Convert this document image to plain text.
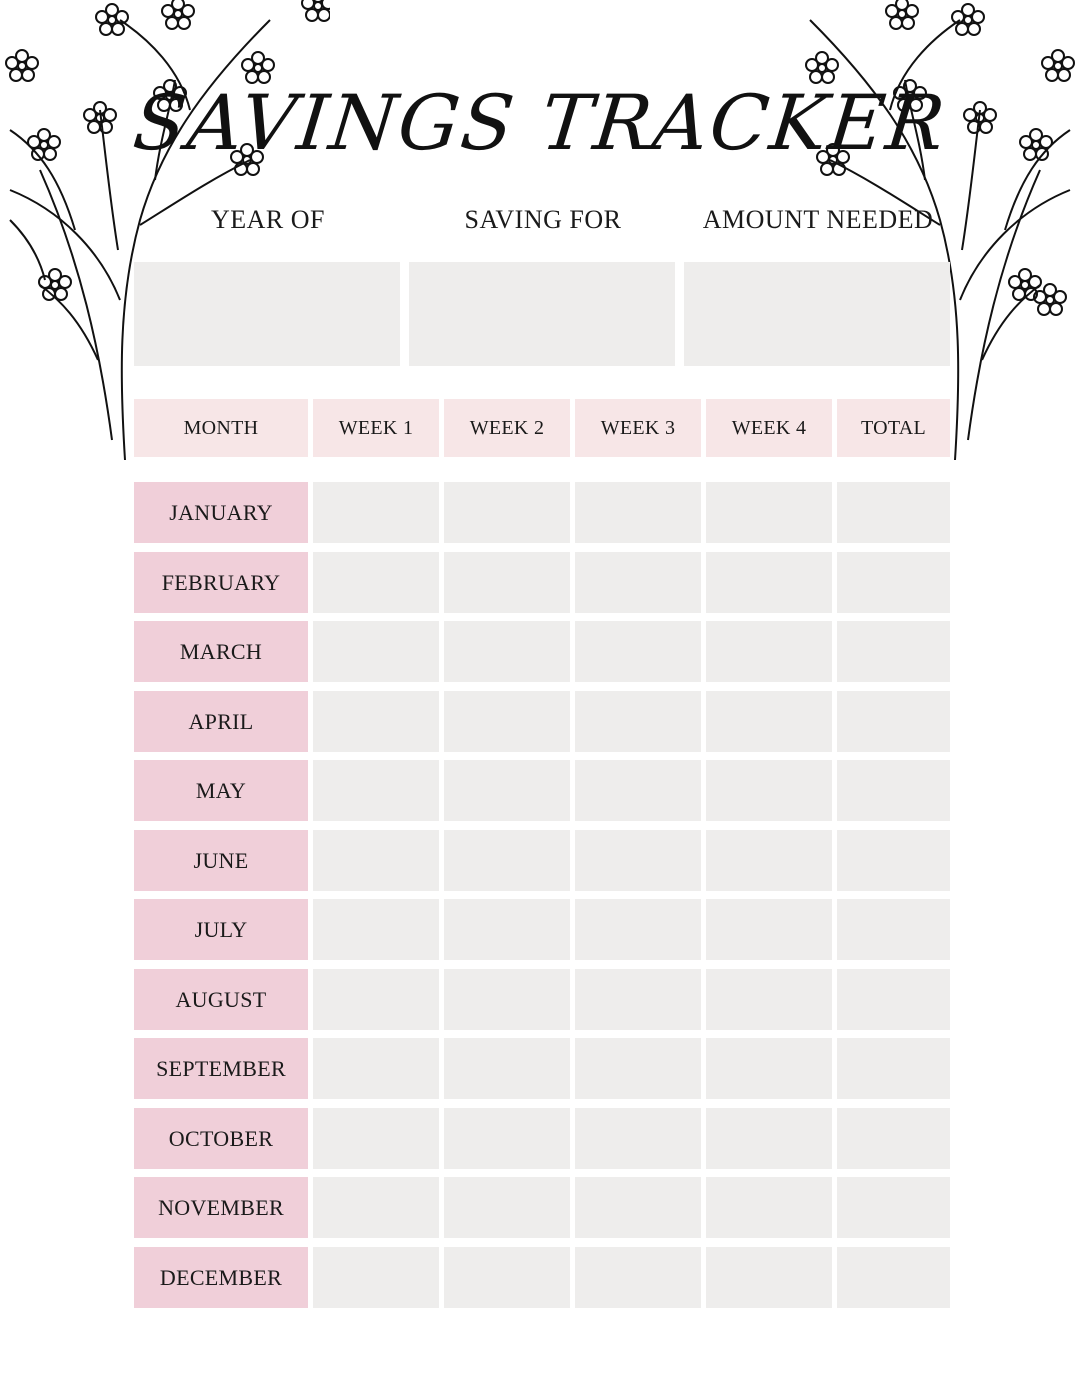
SAVINGS TRACKER
YEAR OF	SAVING FOR	AMOUNT NEEDED
MONTH	WEEK 1	WEEK 2	WEEK 3	WEEK 4	TOTAL
JANUARY
FEBRUARY
MARCH
APRIL
MAY
JUNE
JULY
AUGUST
SEPTEMBER
OCTOBER
NOVEMBER
DECEMBER
